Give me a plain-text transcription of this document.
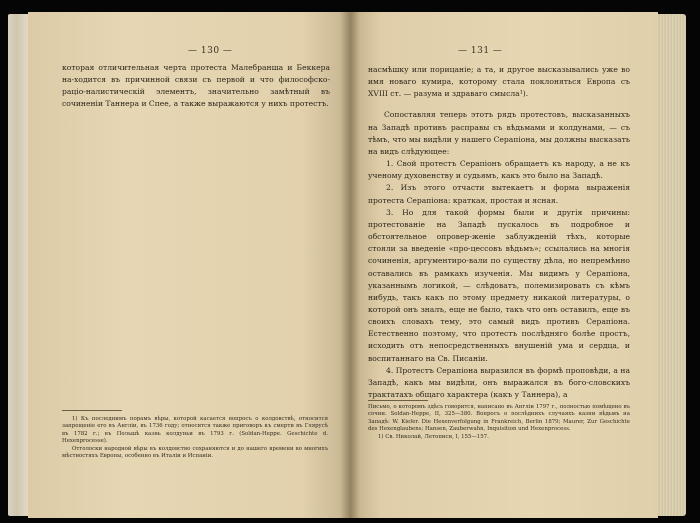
— 130 —

которая отличительная черта протеста Малебранша и Беккера на-ходится въ причинной связи съ первой и что философско-раціо-налистическій элементъ, значительно замѣтный въ сочиненіи Таннера и Спее, а также выражаются у нихъ протестъ.

1) Къ последнимъ порамъ вѣры, которой касается вопросъ о колдовствѣ, относится запрещеніе его въ Англіи, въ 1736 году; относится также приговоръ къ смерти въ Глярусѣ въ 1782 г.; въ Польшѣ казнь колдуньи въ 1793 г. (Soldan-Heppe. Geschichte d. Hexenprocesse).

Отголоски народной вѣры въ колдовство сохраняются и до нашего времени во многихъ мѣстностяхъ Европы, особенно въ Италіи и Испаніи.

— 131 —

насмѣшку или порицаніе; а та, и другое высказывались уже во имя новаго кумира, которому стала поклоняться Европа съ XVIII ст. — разума и здраваго смысла¹).

Сопоставляя теперь этотъ рядъ протестовъ, высказанныхъ на Западѣ противъ расправы съ вѣдьмами и колдунами, — съ тѣмъ, что мы видѣли у нашего Серапіона, мы должны высказать на видъ слѣдующее:

1. Свой протестъ Серапіонъ обращаетъ къ народу, а не къ ученому духовенству и судьямъ, какъ это было на Западѣ.

2. Изъ этого отчасти вытекаетъ и форма выраженія протеста Серапіона: краткая, простая и ясная.

3. Но для такой формы были и другія причины: протестованіе на Западѣ пускалось въ подробное и обстоятельное опровер-женіе заблужденій тѣхъ, которые стояли за введеніе «про-цессовъ вѣдьмъ»; ссылались на многія сочиненія, аргументиро-вали по существу дѣла, но непремѣнно оставались въ рамкахъ изученія. Мы видимъ у Серапіона, указаннымъ логикой, — слѣдоватъ, полемизировать съ кѣмъ нибудь, такъ какъ по этому предмету никакой литературы, о которой онъ зналъ, еще не было, такъ что онъ оставилъ, еще въ своихъ словахъ тему, это самый видъ противъ Серапіона. Естественно поэтому, что протестъ послѣдняго болѣе простъ, исходить отъ непосредственныхъ внушеній ума и сердца, и воспитаннаго на Св. Писаніи.

4. Протестъ Серапіона выразился въ формѣ проповѣди, а на Западѣ, какъ мы видѣли, онъ выражался въ бого-словскихъ трактатахъ общаго характера (какъ у Таннера), а

Письмо, о которомъ здѣсь говорится, написано въ Англіи 1797 г., полностью помѣщено въ сочин. Soldan-Heppe, II, 325—380. Вопросъ о послѣднихъ случаяхъ казни вѣдьмъ на Западѣ: W. Kiefer. Die Hexenverfolgung in Frankreich, Berlin 1879; Maurer, Zur Geschichte des Hexenglaubens; Hansen, Zauberwahn, Inquisition und Hexenprocess.

1) Св. Николай, Летописи, I, 155—157.
